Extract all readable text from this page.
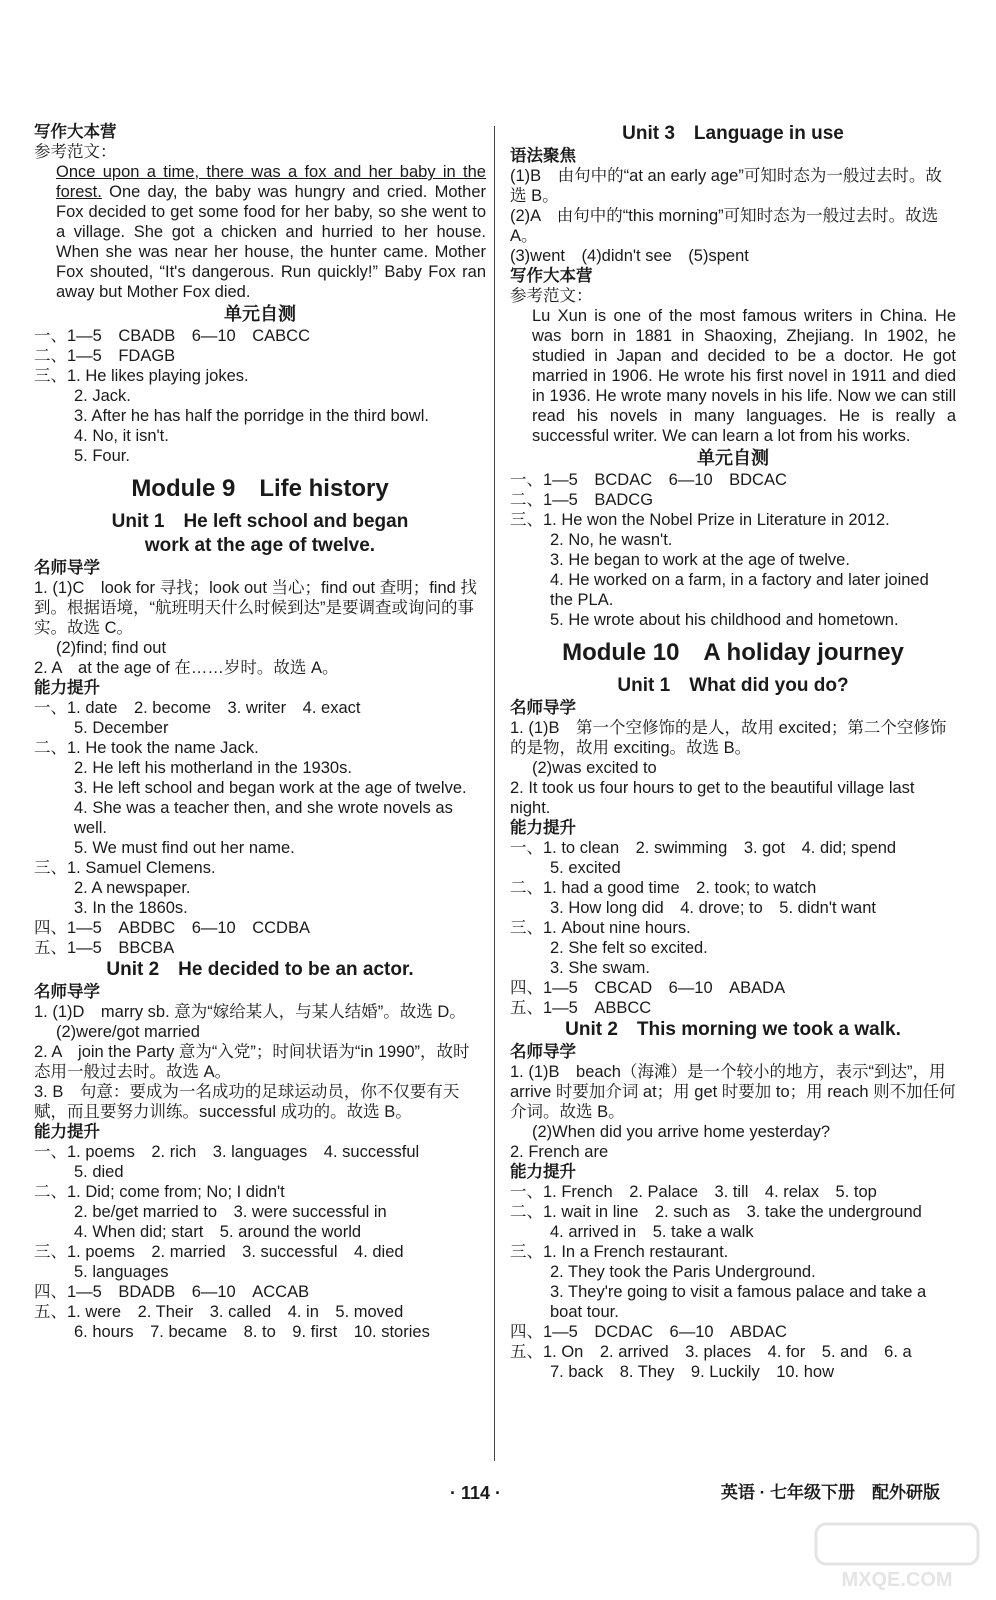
写作大本营
参考范文：
Once upon a time, there was a fox and her baby in the forest. One day, the baby was hungry and cried. Mother Fox decided to get some food for her baby, so she went to a village. She got a chicken and hurried to her house. When she was near her house, the hunter came. Mother Fox shouted, “It's dangerous. Run quickly!” Baby Fox ran away but Mother Fox died.
单元自测
一、1—5　CBADB　6—10　CABCC
二、1—5　FDAGB
三、1. He likes playing jokes.
2. Jack.
3. After he has half the porridge in the third bowl.
4. No, it isn't.
5. Four.
Module 9　Life history
Unit 1　He left school and began
work at the age of twelve.
名师导学
1. (1)C　look for 寻找；look out 当心；find out 查明；find 找到。根据语境，“航班明天什么时候到达”是要调查或询问的事实。故选 C。
(2)find; find out
2. A　at the age of 在……岁时。故选 A。
能力提升
一、1. date　2. become　3. writer　4. exact
5. December
二、1. He took the name Jack.
2. He left his motherland in the 1930s.
3. He left school and began work at the age of twelve.
4. She was a teacher then, and she wrote novels as well.
5. We must find out her name.
三、1. Samuel Clemens.
2. A newspaper.
3. In the 1860s.
四、1—5　ABDBC　6—10　CCDBA
五、1—5　BBCBA
Unit 2　He decided to be an actor.
名师导学
1. (1)D　marry sb. 意为“嫁给某人，与某人结婚”。故选 D。
(2)were/got married
2. A　join the Party 意为“入党”；时间状语为“in 1990”，故时态用一般过去时。故选 A。
3. B　句意：要成为一名成功的足球运动员，你不仅要有天赋，而且要努力训练。successful 成功的。故选 B。
能力提升
一、1. poems　2. rich　3. languages　4. successful
5. died
二、1. Did; come from; No; I didn't
2. be/get married to　3. were successful in
4. When did; start　5. around the world
三、1. poems　2. married　3. successful　4. died
5. languages
四、1—5　BDADB　6—10　ACCAB
五、1. were　2. Their　3. called　4. in　5. moved
6. hours　7. became　8. to　9. first　10. stories
Unit 3　Language in use
语法聚焦
(1)B　由句中的“at an early age”可知时态为一般过去时。故选 B。
(2)A　由句中的“this morning”可知时态为一般过去时。故选 A。
(3)went　(4)didn't see　(5)spent
写作大本营
参考范文：
Lu Xun is one of the most famous writers in China. He was born in 1881 in Shaoxing, Zhejiang. In 1902, he studied in Japan and decided to be a doctor. He got married in 1906. He wrote his first novel in 1911 and died in 1936. He wrote many novels in his life. Now we can still read his novels in many languages. He is really a successful writer. We can learn a lot from his works.
单元自测
一、1—5　BCDAC　6—10　BDCAC
二、1—5　BADCG
三、1. He won the Nobel Prize in Literature in 2012.
2. No, he wasn't.
3. He began to work at the age of twelve.
4. He worked on a farm, in a factory and later joined the PLA.
5. He wrote about his childhood and hometown.
Module 10　A holiday journey
Unit 1　What did you do?
名师导学
1. (1)B　第一个空修饰的是人，故用 excited；第二个空修饰的是物，故用 exciting。故选 B。
(2)was excited to
2. It took us four hours to get to the beautiful village last night.
能力提升
一、1. to clean　2. swimming　3. got　4. did; spend
5. excited
二、1. had a good time　2. took; to watch
3. How long did　4. drove; to　5. didn't want
三、1. About nine hours.
2. She felt so excited.
3. She swam.
四、1—5　CBCAD　6—10　ABADA
五、1—5　ABBCC
Unit 2　This morning we took a walk.
名师导学
1. (1)B　beach（海滩）是一个较小的地方，表示“到达”，用 arrive 时要加介词 at；用 get 时要加 to；用 reach 则不加任何介词。故选 B。
(2)When did you arrive home yesterday?
2. French are
能力提升
一、1. French　2. Palace　3. till　4. relax　5. top
二、1. wait in line　2. such as　3. take the underground
4. arrived in　5. take a walk
三、1. In a French restaurant.
2. They took the Paris Underground.
3. They're going to visit a famous palace and take a boat tour.
四、1—5　DCDAC　6—10　ABDAC
五、1. On　2. arrived　3. places　4. for　5. and　6. a
7. back　8. They　9. Luckily　10. how
· 114 ·	英语 · 七年级下册　配外研版
MXQE.COM
